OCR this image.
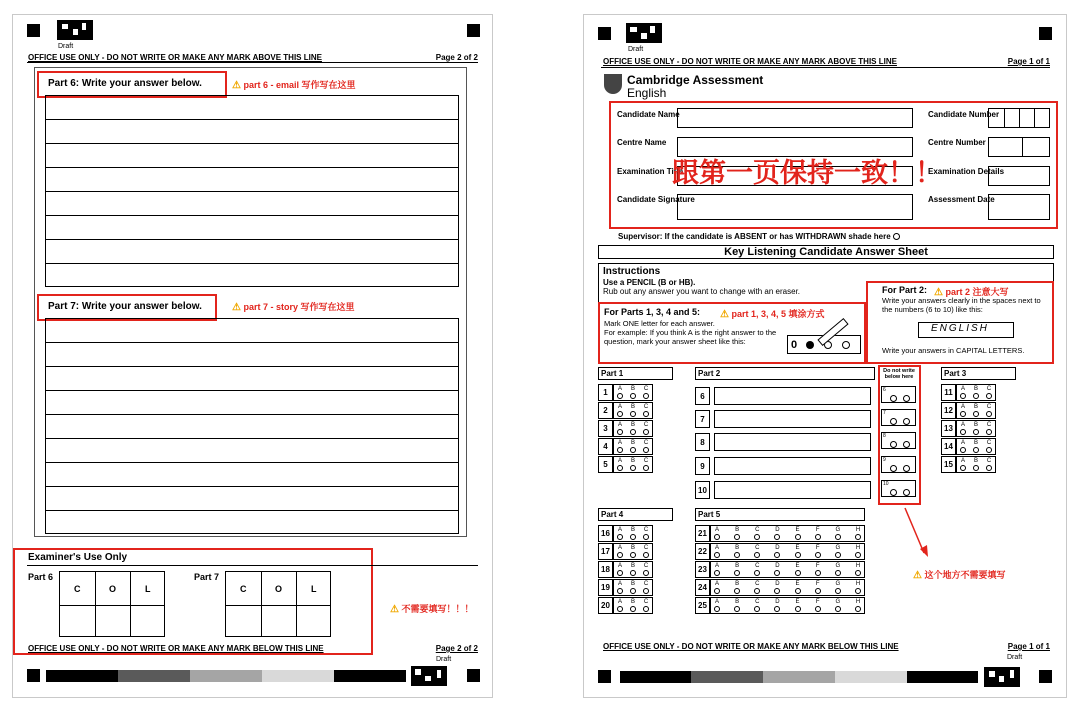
Draft
OFFICE USE ONLY - DO NOT WRITE OR MAKE ANY MARK ABOVE THIS LINE	Page 2 of 2
Part 6: Write your answer below.	⚠ part 6 - email 写作写在这里
Part 7: Write your answer below.	⚠ part 7 - story 写作写在这里
Examiner's Use Only
Part 6
C	O	L
Part 7
C	O	L
⚠ 不需要填写！！！
OFFICE USE ONLY - DO NOT WRITE OR MAKE ANY MARK BELOW THIS LINE	Page 2 of 2
Draft
Draft
OFFICE USE ONLY - DO NOT WRITE OR MAKE ANY MARK ABOVE THIS LINE	Page 1 of 1
Cambridge Assessment
English
Candidate Name
Centre Name
Examination Title
Candidate Signature
Candidate Number
Centre Number
Examination Details
Assessment Date
跟第一页保持一致！！
Supervisor: If the candidate is ABSENT or has WITHDRAWN shade here
Key Listening Candidate Answer Sheet
Instructions
Use a PENCIL (B or HB).
Rub out any answer you want to change with an eraser.
For Parts 1, 3, 4 and 5: ⚠ part 1, 3, 4, 5 填涂方式
Mark ONE letter for each answer.
For example: If you think A is the right answer to the question, mark your answer sheet like this:	0
For Part 2: ⚠ part 2 注意大写
Write your answers clearly in the spaces next to the numbers (6 to 10) like this:
ENGLISH
Write your answers in CAPITAL LETTERS.
Part 1
1	A B C
2	A B C
3	A B C
4	A B C
5	A B C
Part 2
6
7
8
9
10
Do not write below here
6
7
8
9
10
Part 3
11	A B C
12	A B C
13	A B C
14	A B C
15	A B C
Part 4
16	A B C
17	A B C
18	A B C
19	A B C
20	A B C
Part 5
21	A	B	C	D	E	F	G	H
22	A	B	C	D	E	F	G	H
23	A	B	C	D	E	F	G	H
24	A	B	C	D	E	F	G	H
25	A	B	C	D	E	F	G	H
⚠ 这个地方不需要填写
OFFICE USE ONLY - DO NOT WRITE OR MAKE ANY MARK BELOW THIS LINE	Page 1 of 1
Draft
